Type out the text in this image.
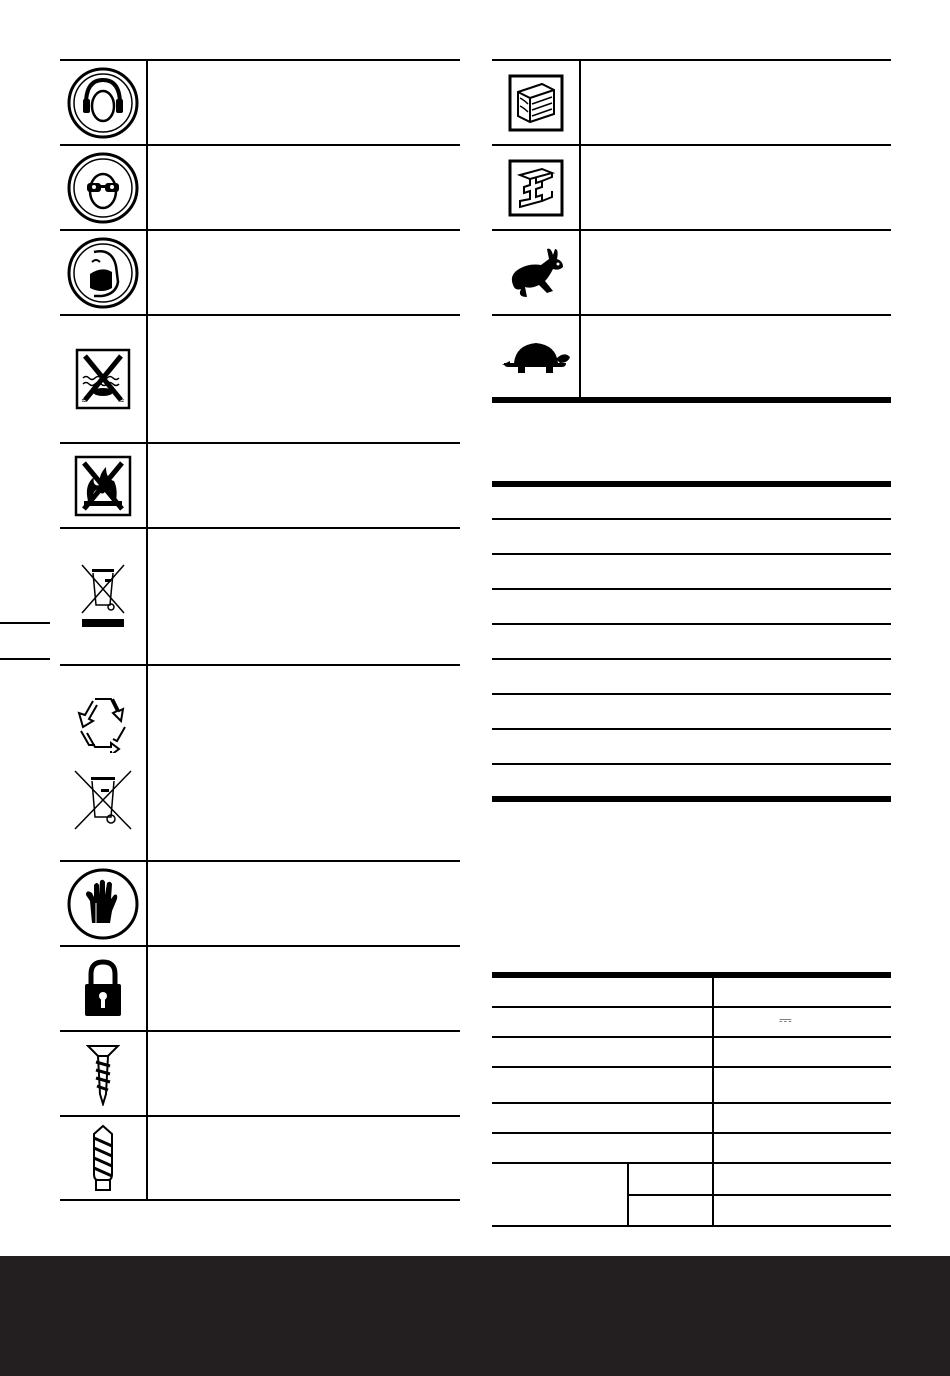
≈	≈
⎓
